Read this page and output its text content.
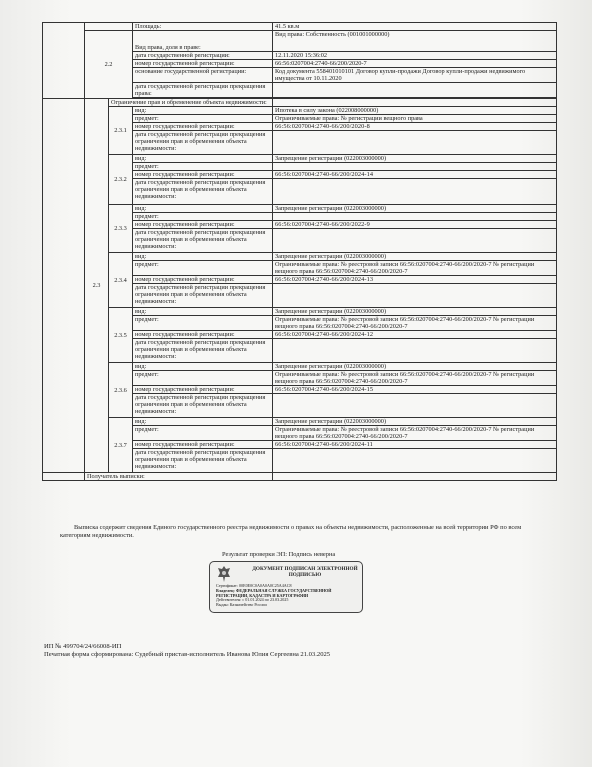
			Площадь:	41.5 кв.м
	2.2		Вид права, доля в праве:	Вид права: Собственность (001001000000)
			дата государственной регистрации:	12.11.2020 15:36:02
			номер государственной регистрации:	66:56:0207004:2740-66/200/2020-7
			основание государственной регистрации:	Код документа 558401010101 Договор купли-продажи Договор купли-продажи недвижимого имущества от 10.11.2020
			дата государственной регистрации прекращения права:	

	2.3	Ограничение прав и обременение объекта недвижимости:		
		2.3.1	вид:	Ипотека в силу закона (022008000000)
			предмет:	Ограничиваемые права: № регистрации вещного права
			номер государственной регистрации:	66:56:0207004:2740-66/200/2020-8
			дата государственной регистрации прекращения ограничения прав и обременения объекта недвижимости:	
		2.3.2	вид:	Запрещение регистрации (022003000000)
			предмет:	
			номер государственной регистрации:	66:56:0207004:2740-66/200/2024-14
			дата государственной регистрации прекращения ограничения прав и обременения объекта недвижимости:	
		2.3.3	вид:	Запрещение регистрации (022003000000)
			предмет:	
			номер государственной регистрации:	66:56:0207004:2740-66/200/2022-9
			дата государственной регистрации прекращения ограничения прав и обременения объекта недвижимости:	
		2.3.4	вид:	Запрещение регистрации (022003000000)
			предмет:	Ограничиваемые права: № реестровой записи 66:56:0207004:2740-66/200/2020-7 № регистрации вещного права 66:56:0207004:2740-66/200/2020-7
			номер государственной регистрации:	66:56:0207004:2740-66/200/2024-13
			дата государственной регистрации прекращения ограничения прав и обременения объекта недвижимости:	
		2.3.5	вид:	Запрещение регистрации (022003000000)
			предмет:	Ограничиваемые права: № реестровой записи 66:56:0207004:2740-66/200/2020-7 № регистрации вещного права 66:56:0207004:2740-66/200/2020-7
			номер государственной регистрации:	66:56:0207004:2740-66/200/2024-12
			дата государственной регистрации прекращения ограничения прав и обременения объекта недвижимости:	
		2.3.6	вид:	Запрещение регистрации (022003000000)
			предмет:	Ограничиваемые права: № реестровой записи 66:56:0207004:2740-66/200/2020-7 № регистрации вещного права 66:56:0207004:2740-66/200/2020-7
			номер государственной регистрации:	66:56:0207004:2740-66/200/2024-15
			дата государственной регистрации прекращения ограничения прав и обременения объекта недвижимости:	
		2.3.7	вид:	Запрещение регистрации (022003000000)
			предмет:	Ограничиваемые права: № реестровой записи 66:56:0207004:2740-66/200/2020-7 № регистрации вещного права 66:56:0207004:2740-66/200/2020-7
			номер государственной регистрации:	66:56:0207004:2740-66/200/2024-11
			дата государственной регистрации прекращения ограничения прав и обременения объекта недвижимости:	
	Получатель выписки:			
Выписка содержит сведения Единого государственного реестра недвижимости о правах на объекты недвижимости, расположенные на всей территории РФ по всем категориям недвижимости.
Результат проверки ЭП: Подпись неверна
ДОКУМЕНТ ПОДПИСАН ЭЛЕКТРОННОЙ ПОДПИСЬЮ
Сертификат: 00E0E0C0A0A0A0C25A4AC8
Владелец: ФЕДЕРАЛЬНАЯ СЛУЖБА ГОСУДАРСТВЕННОЙ РЕГИСТРАЦИИ, КАДАСТРА И КАРТОГРАФИИ
Действителен: с 01.01.2024 по 23.03.2025
Выдан: Казначейство России
ИП № 499704/24/66008-ИП
Печатная форма сформирована: Судебный пристав-исполнитель Иванова Юлия Сергеевна 21.03.2025
